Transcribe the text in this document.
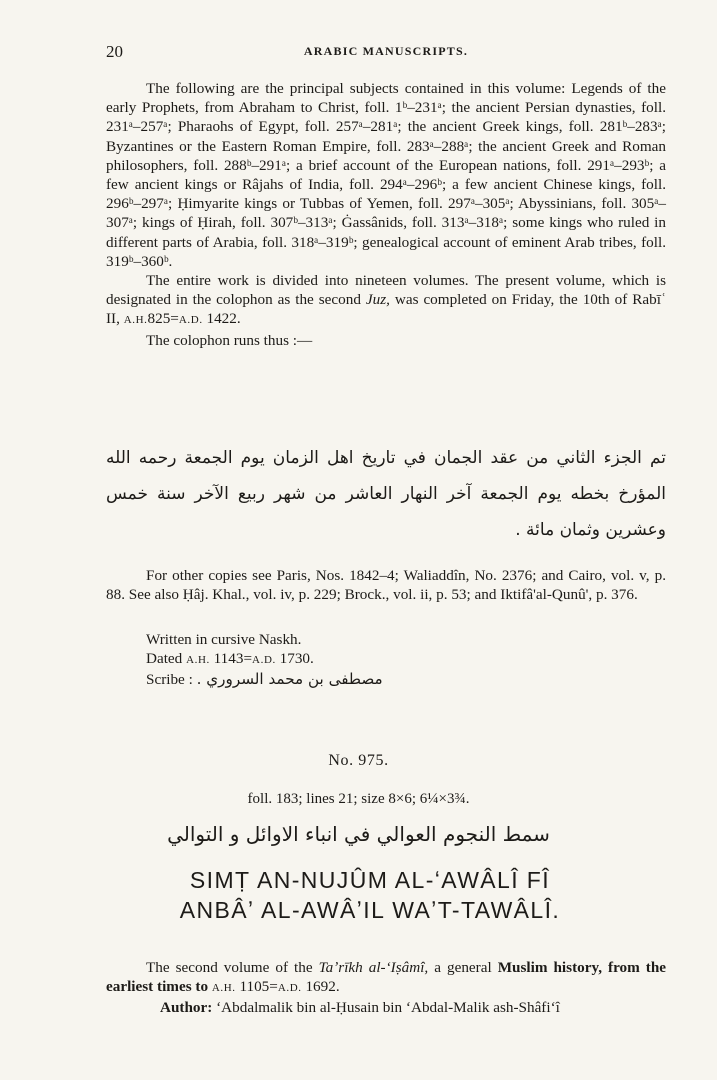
20	ARABIC MANUSCRIPTS.

The following are the principal subjects contained in this volume: Legends of the early Prophets, from Abraham to Christ, foll. 1ᵇ–231ᵃ; the ancient Persian dynasties, foll. 231ᵃ–257ᵃ; Pharaohs of Egypt, foll. 257ᵃ–281ᵃ; the ancient Greek kings, foll. 281ᵇ–283ᵃ; Byzantines or the Eastern Roman Empire, foll. 283ᵃ–288ᵃ; the ancient Greek and Roman philosophers, foll. 288ᵇ–291ᵃ; a brief account of the European nations, foll. 291ᵃ–293ᵇ; a few ancient kings or Râjahs of India, foll. 294ᵃ–296ᵇ; a few ancient Chinese kings, foll. 296ᵇ–297ᵃ; Ḥimyarite kings or Tubbas of Yemen, foll. 297ᵃ–305ᵃ; Abyssinians, foll. 305ᵃ–307ᵃ; kings of Ḥirah, foll. 307ᵇ–313ᵃ; Ġassânids, foll. 313ᵃ–318ᵃ; some kings who ruled in different parts of Arabia, foll. 318ᵃ–319ᵇ; genealogical account of eminent Arab tribes, foll. 319ᵇ–360ᵇ.

The entire work is divided into nineteen volumes. The present volume, which is designated in the colophon as the second Juz, was completed on Friday, the 10th of Rabīʿ II, A.H.825=A.D. 1422.

The colophon runs thus :—

تم الجزء الثاني من عقد الجمان في تاريخ اهل الزمان يوم الجمعة رحمه الله المؤرخ بخطه يوم الجمعة آخر النهار العاشر من شهر ربيع الآخر سنة خمس وعشرين وثمان مائة .

For other copies see Paris, Nos. 1842–4; Waliaddîn, No. 2376; and Cairo, vol. v, p. 88. See also Ḥâj. Khal., vol. iv, p. 229; Brock., vol. ii, p. 53; and Iktifâ'al-Qunû', p. 376.

Written in cursive Naskh.
Dated A.H. 1143=A.D. 1730.
Scribe : مصطفى بن محمد السروري .
No. 975.
foll. 183; lines 21; size 8×6; 6¼×3¾.
سمط النجوم العوالي في انباء الاوائل و التوالي
SIMṬ AN-NUJÛM AL-ʻAWÂLÎ FÎ ANBÂʼ AL-AWÂʼIL WAʼT-TAWÂLÎ.

The second volume of the Taʼrīkh al-ʻIṣâmî, a general Muslim history, from the earliest times to A.H. 1105=A.D. 1692.

Author: ʻAbdalmalik bin al-Ḥusain bin ʻAbdal-Malik ash-Shâfiʻî
